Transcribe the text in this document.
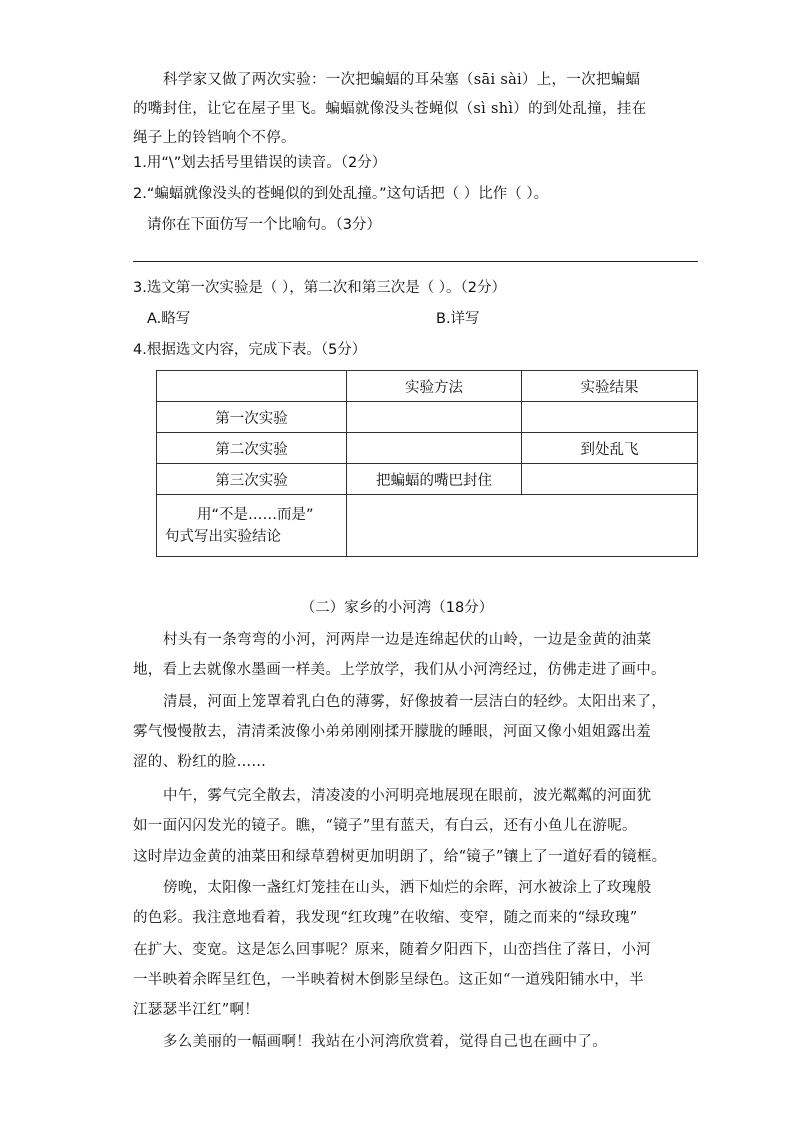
科学家又做了两次实验：一次把蝙蝠的耳朵塞（sāi sài）上，一次把蝙蝠
的嘴封住，让它在屋子里飞。蝙蝠就像没头苍蝇似（sì shì）的到处乱撞，挂在
绳子上的铃铛响个不停。
1.用“\”划去括号里错误的读音。（2分）
2.“蝙蝠就像没头的苍蝇似的到处乱撞。”这句话把（ ）比作（ ）。
请你在下面仿写一个比喻句。（3分）
3.选文第一次实验是（ ），第二次和第三次是（ ）。（2分）
A.略写	B.详写
4.根据选文内容，完成下表。（5分）
	实验方法	实验结果
第一次实验		
第二次实验		到处乱飞
第三次实验	把蝙蝠的嘴巴封住	

用“不是……而是”
句式写出实验结论		

（二）家乡的小河湾（18分）
村头有一条弯弯的小河，河两岸一边是连绵起伏的山岭，一边是金黄的油菜
地，看上去就像水墨画一样美。上学放学，我们从小河湾经过，仿佛走进了画中。
清晨，河面上笼罩着乳白色的薄雾，好像披着一层洁白的轻纱。太阳出来了，
雾气慢慢散去，清清柔波像小弟弟刚刚揉开朦胧的睡眼，河面又像小姐姐露出羞
涩的、粉红的脸……
中午，雾气完全散去，清凌凌的小河明亮地展现在眼前，波光粼粼的河面犹
如一面闪闪发光的镜子。瞧，“镜子”里有蓝天，有白云，还有小鱼儿在游呢。
这时岸边金黄的油菜田和绿草碧树更加明朗了，给“镜子”镶上了一道好看的镜框。
傍晚，太阳像一盏红灯笼挂在山头，洒下灿烂的余晖，河水被涂上了玫瑰般
的色彩。我注意地看着，我发现“红玫瑰”在收缩、变窄，随之而来的“绿玫瑰”
在扩大、变宽。这是怎么回事呢？原来，随着夕阳西下，山峦挡住了落日，小河
一半映着余晖呈红色，一半映着树木倒影呈绿色。这正如“一道残阳铺水中，半
江瑟瑟半江红”啊！
多么美丽的一幅画啊！我站在小河湾欣赏着，觉得自己也在画中了。
